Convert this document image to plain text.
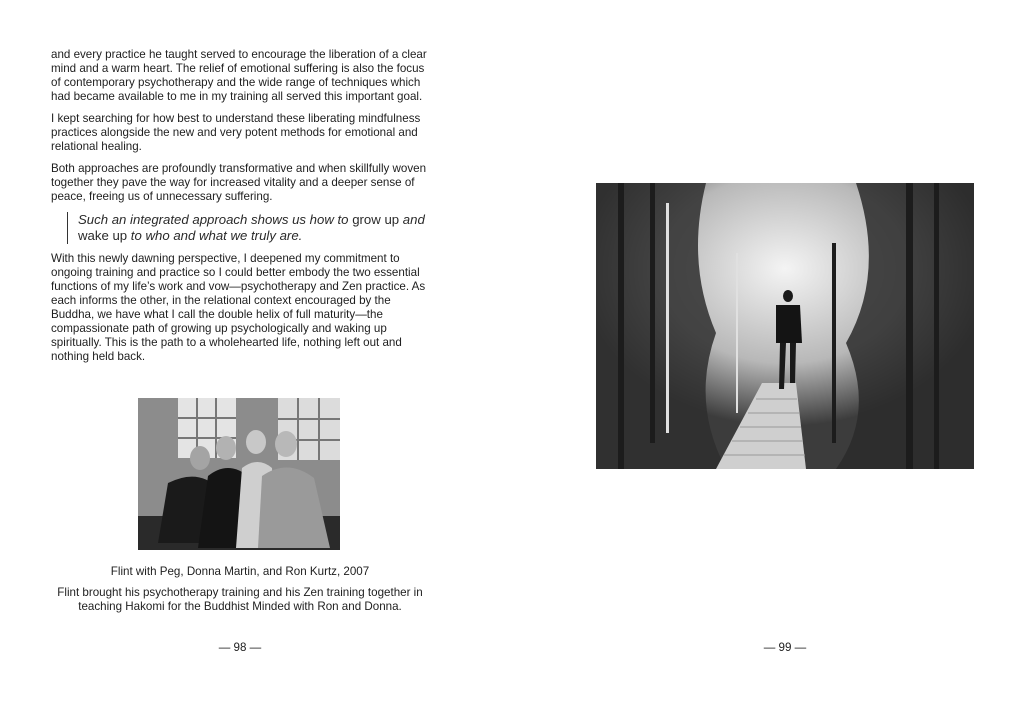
and every practice he taught served to encourage the liberation of a clear mind and a warm heart. The relief of emotional suffering is also the focus of contemporary psychotherapy and the wide range of techniques which had became available to me in my training all served this important goal.

I kept searching for how best to understand these liberating mindfulness practices alongside the new and very potent methods for emotional and relational healing.

Both approaches are profoundly transformative and when skillfully woven together they pave the way for increased vitality and a deeper sense of peace, freeing us of unnecessary suffering.

Such an integrated approach shows us how to grow up and wake up to who and what we truly are.

With this newly dawning perspective, I deepened my commitment to ongoing training and practice so I could better embody the two essential functions of my life’s work and vow—psychotherapy and Zen practice. As each informs the other, in the relational context encouraged by the Buddha, we have what I call the double helix of full maturity—the compassionate path of growing up psychologically and waking up spiritually. This is the path to a wholehearted life, nothing left out and nothing held back.

Flint with Peg, Donna Martin, and Ron Kurtz, 2007
Flint brought his psychotherapy training and his Zen training together in teaching Hakomi for the Buddhist Minded with Ron and Donna.
— 98 —	— 99 —
